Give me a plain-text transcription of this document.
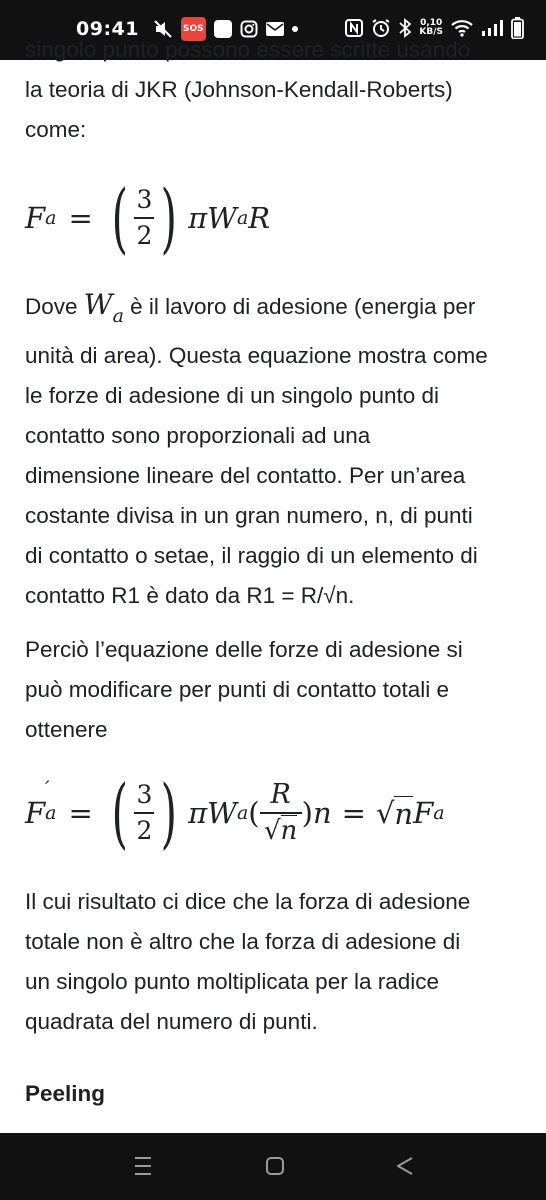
09:41	SOS
0,10
KB/S

singolo punto possono essere scritte usando
la teoria di JKR (Johnson-Kendall-Roberts)
come:

F a = ( $\frac{3}{2}$ ) π W a R

Dove $W_a$ è il lavoro di adesione (energia per
unità di area). Questa equazione mostra come
le forze di adesione di un singolo punto di
contatto sono proporzionali ad una
dimensione lineare del contatto. Per un’area
costante divisa in un gran numero, n, di punti
di contatto o setae, il raggio di un elemento di
contatto R1 è dato da R1 = R/√n.

Perciò l’equazione delle forze di adesione si
può modificare per punti di contatto totali e
ottenere

F
′
a = ( $\frac{3}{2}$ ) π W a ( $\frac{R}{√n}$ ) n = √ n F a

Il cui risultato ci dice che la forza di adesione
totale non è altro che la forza di adesione di
un singolo punto moltiplicata per la radice
quadrata del numero di punti.

Peeling
